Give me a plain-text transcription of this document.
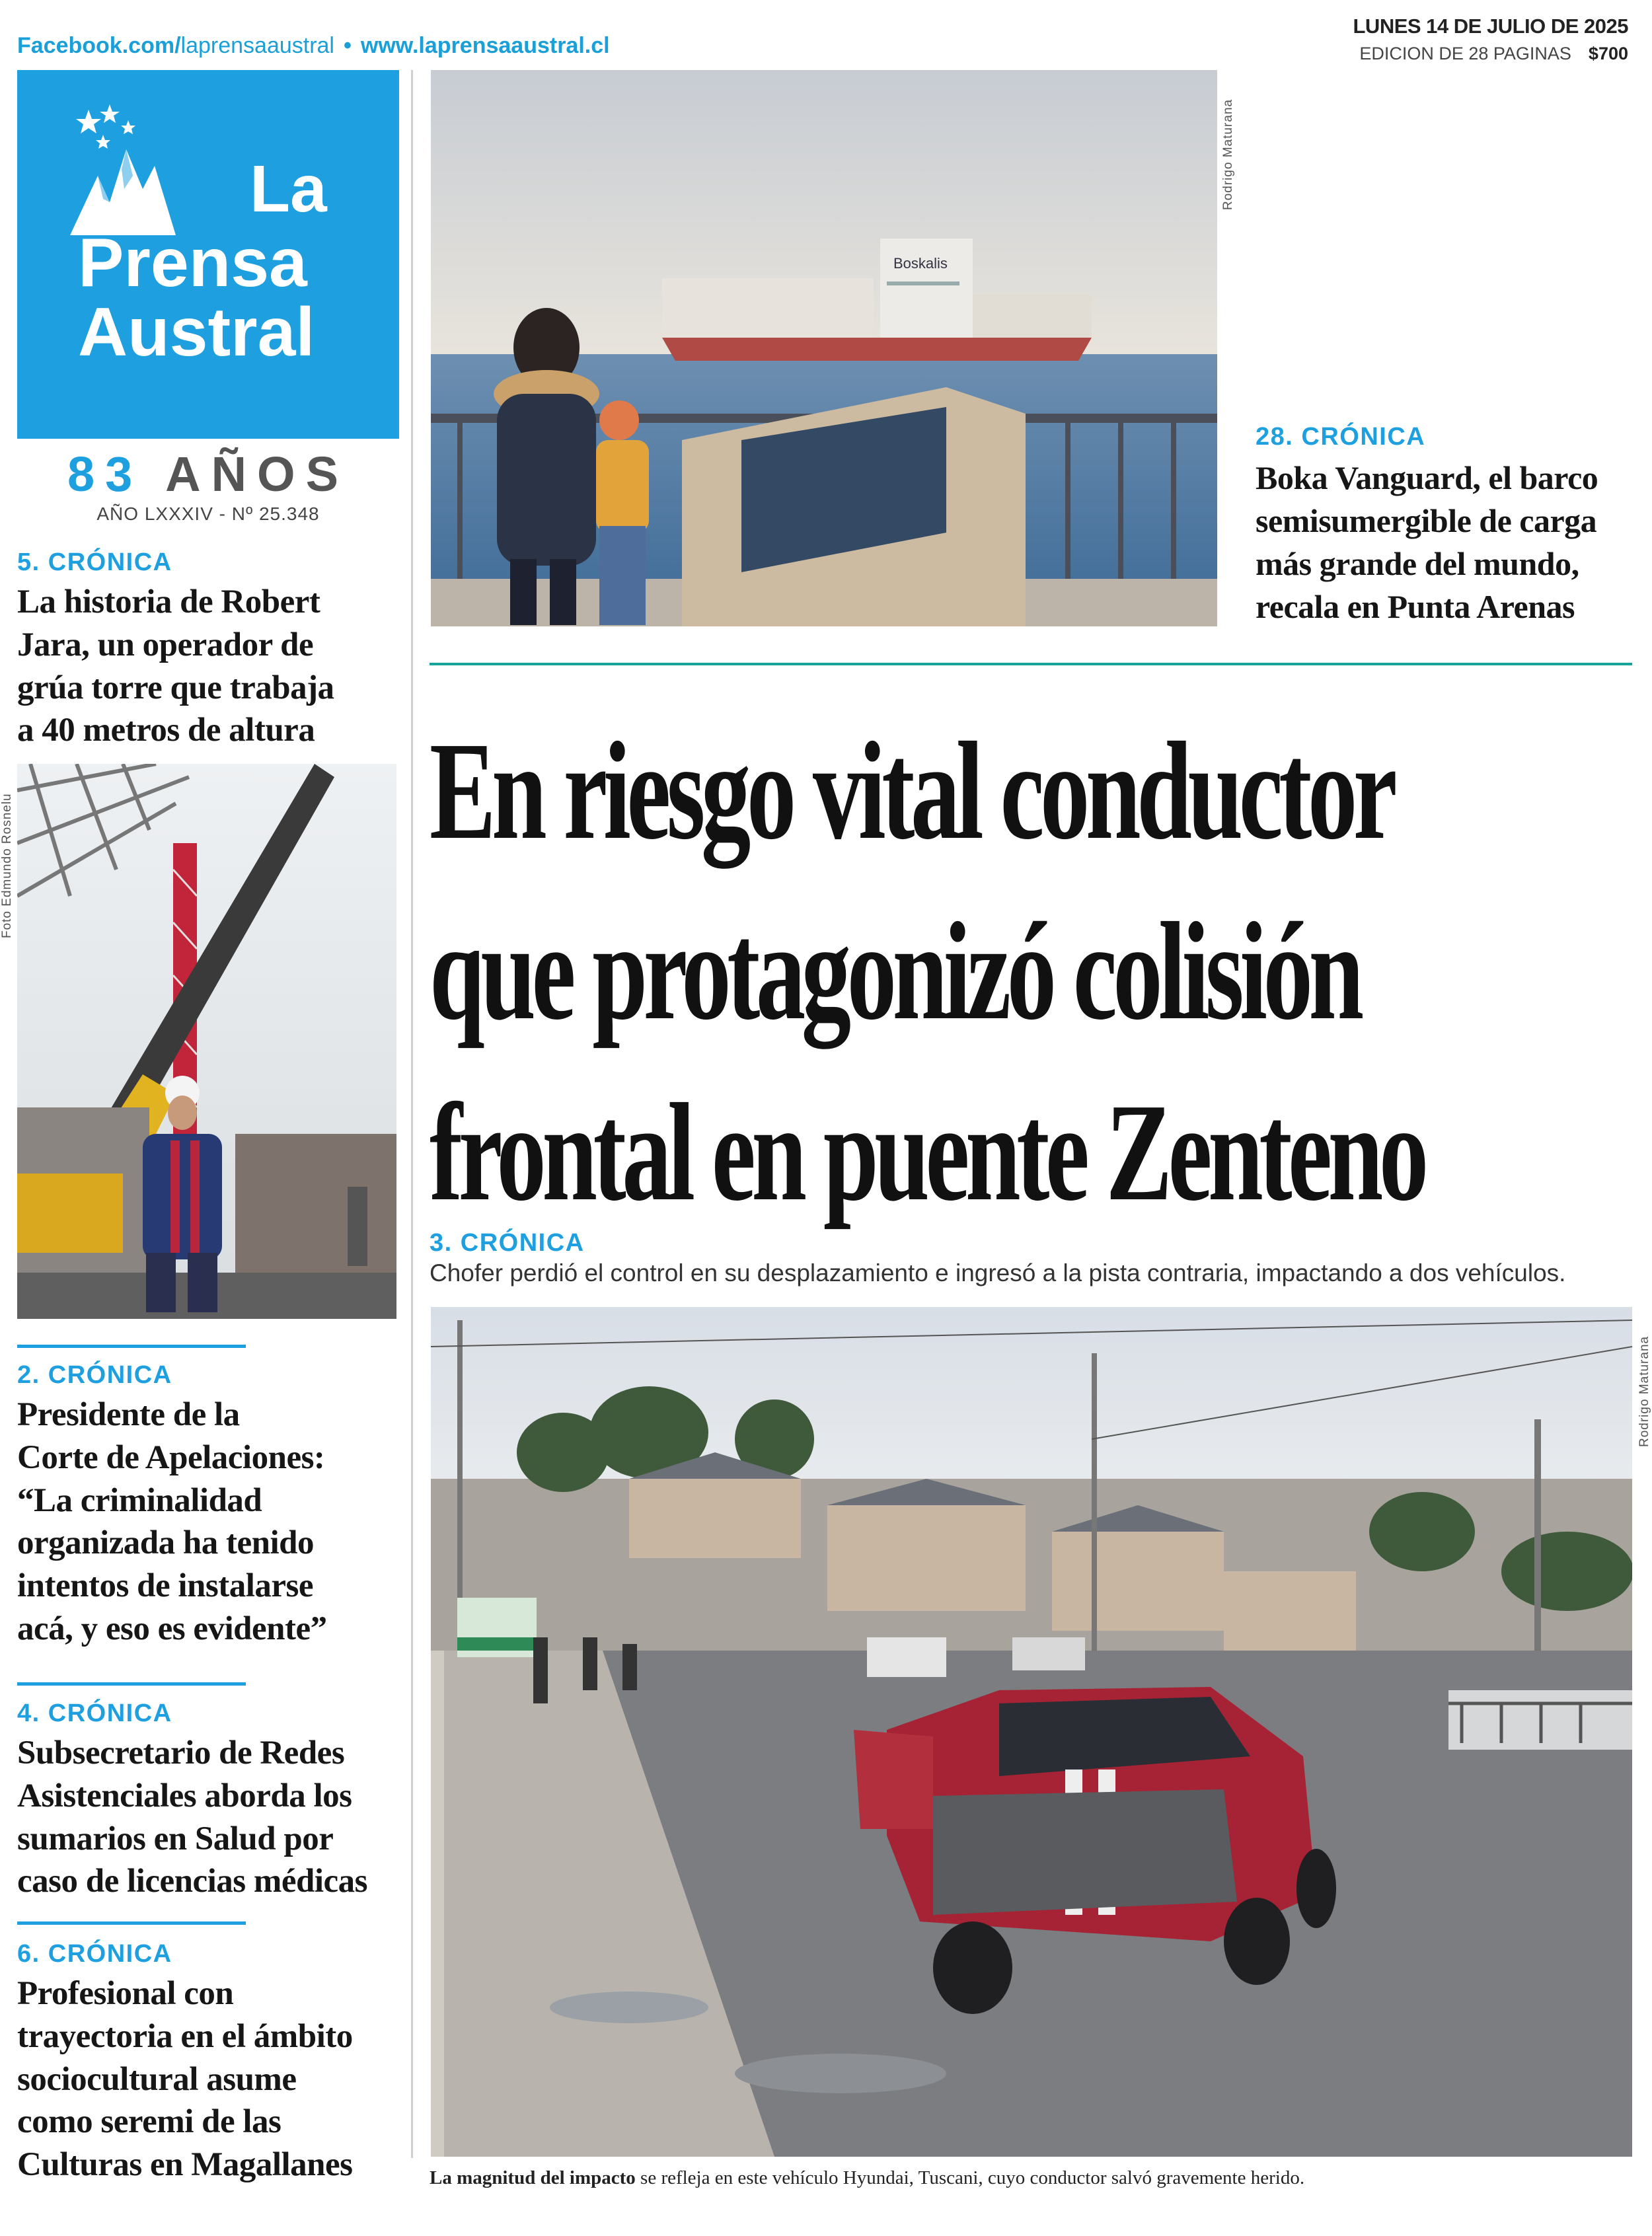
Facebook.com/laprensaaustral • www.laprensaaustral.cl
LUNES 14 DE JULIO DE 2025
EDICION DE 28 PAGINAS $700
La
Prensa
Austral
83 AÑOS
AÑO LXXXIV - Nº 25.348
5. CRÓNICA
La historia de Robert
Jara, un operador de
grúa torre que trabaja
a 40 metros de altura
Foto Edmundo Rosnelu
2. CRÓNICA
Presidente de la
Corte de Apelaciones:
“La criminalidad
organizada ha tenido
intentos de instalarse
acá, y eso es evidente”
4. CRÓNICA
Subsecretario de Redes
Asistenciales aborda los
sumarios en Salud por
caso de licencias médicas
6. CRÓNICA
Profesional con
trayectoria en el ámbito
sociocultural asume
como seremi de las
Culturas en Magallanes
Boskalis
Rodrigo Maturana
28. CRÓNICA
Boka Vanguard, el barco
semisumergible de carga
más grande del mundo,
recala en Punta Arenas
En riesgo vital conductor
que protagonizó colisión
frontal en puente Zenteno
3. CRÓNICA
Chofer perdió el control en su desplazamiento e ingresó a la pista contraria, impactando a dos vehículos.
Rodrigo Maturana
La magnitud del impacto se refleja en este vehículo Hyundai, Tuscani, cuyo conductor salvó gravemente herido.
